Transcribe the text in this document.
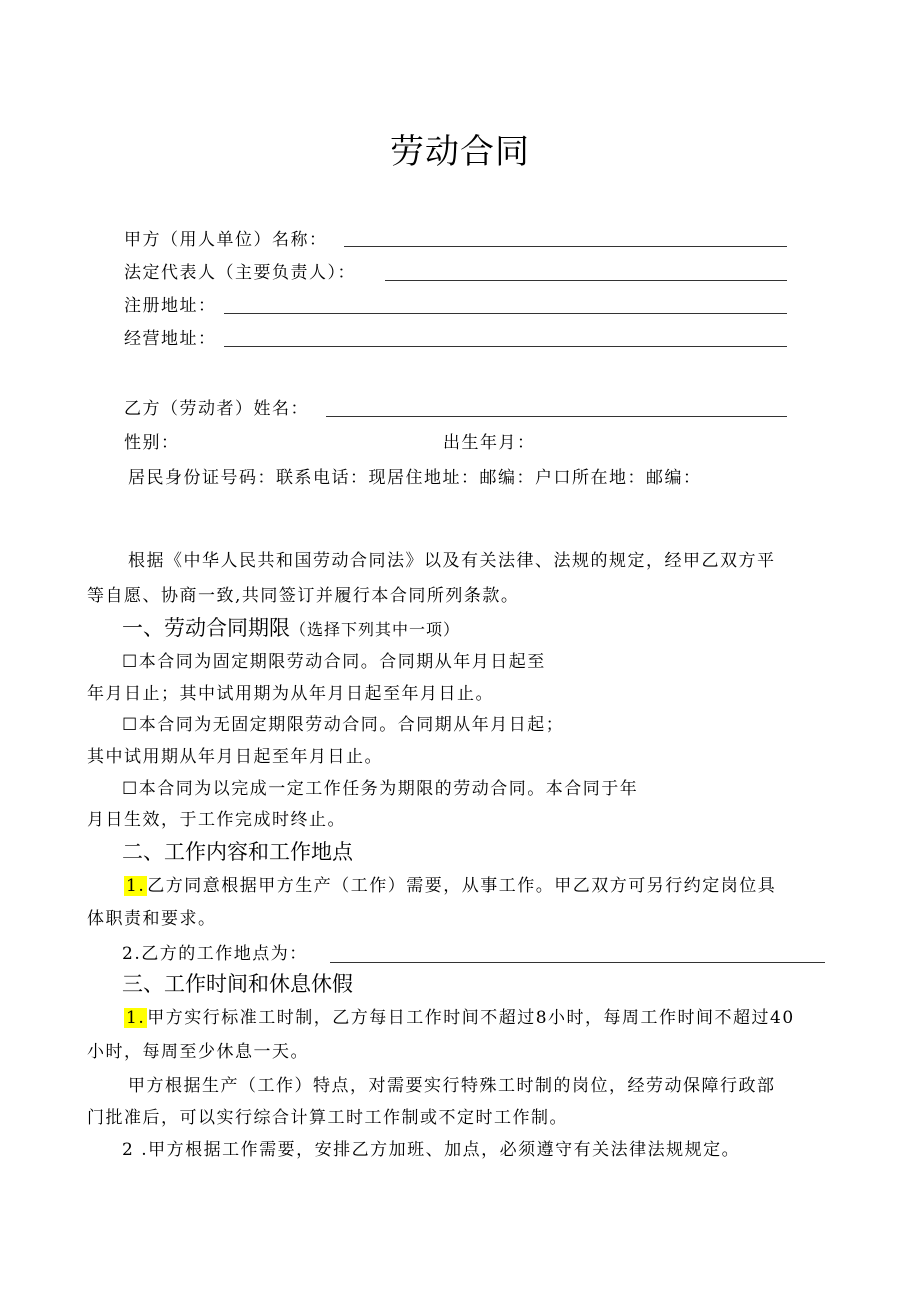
劳动合同
甲方（用人单位）名称：
法定代表人（主要负责人）：
注册地址：
经营地址：
乙方（劳动者）姓名：
性别：	出生年月：
居民身份证号码：联系电话：现居住地址：邮编：户口所在地：邮编：
根据《中华人民共和国劳动合同法》以及有关法律、法规的规定，经甲乙双方平
等自愿、协商一致,共同签订并履行本合同所列条款。
一、劳动合同期限（选择下列其中一项）
☐本合同为固定期限劳动合同。合同期从年月日起至
年月日止；其中试用期为从年月日起至年月日止。
☐本合同为无固定期限劳动合同。合同期从年月日起；
其中试用期从年月日起至年月日止。
☐本合同为以完成一定工作任务为期限的劳动合同。本合同于年
月日生效，于工作完成时终止。
二、工作内容和工作地点
1. 乙方同意根据甲方生产（工作）需要，从事工作。甲乙双方可另行约定岗位具
体职责和要求。
2.乙方的工作地点为：
三、工作时间和休息休假
1. 甲方实行标准工时制，乙方每日工作时间不超过8小时，每周工作时间不超过40
小时，每周至少休息一天。
甲方根据生产（工作）特点，对需要实行特殊工时制的岗位，经劳动保障行政部
门批准后，可以实行综合计算工时工作制或不定时工作制。
2 .甲方根据工作需要，安排乙方加班、加点，必须遵守有关法律法规规定。
